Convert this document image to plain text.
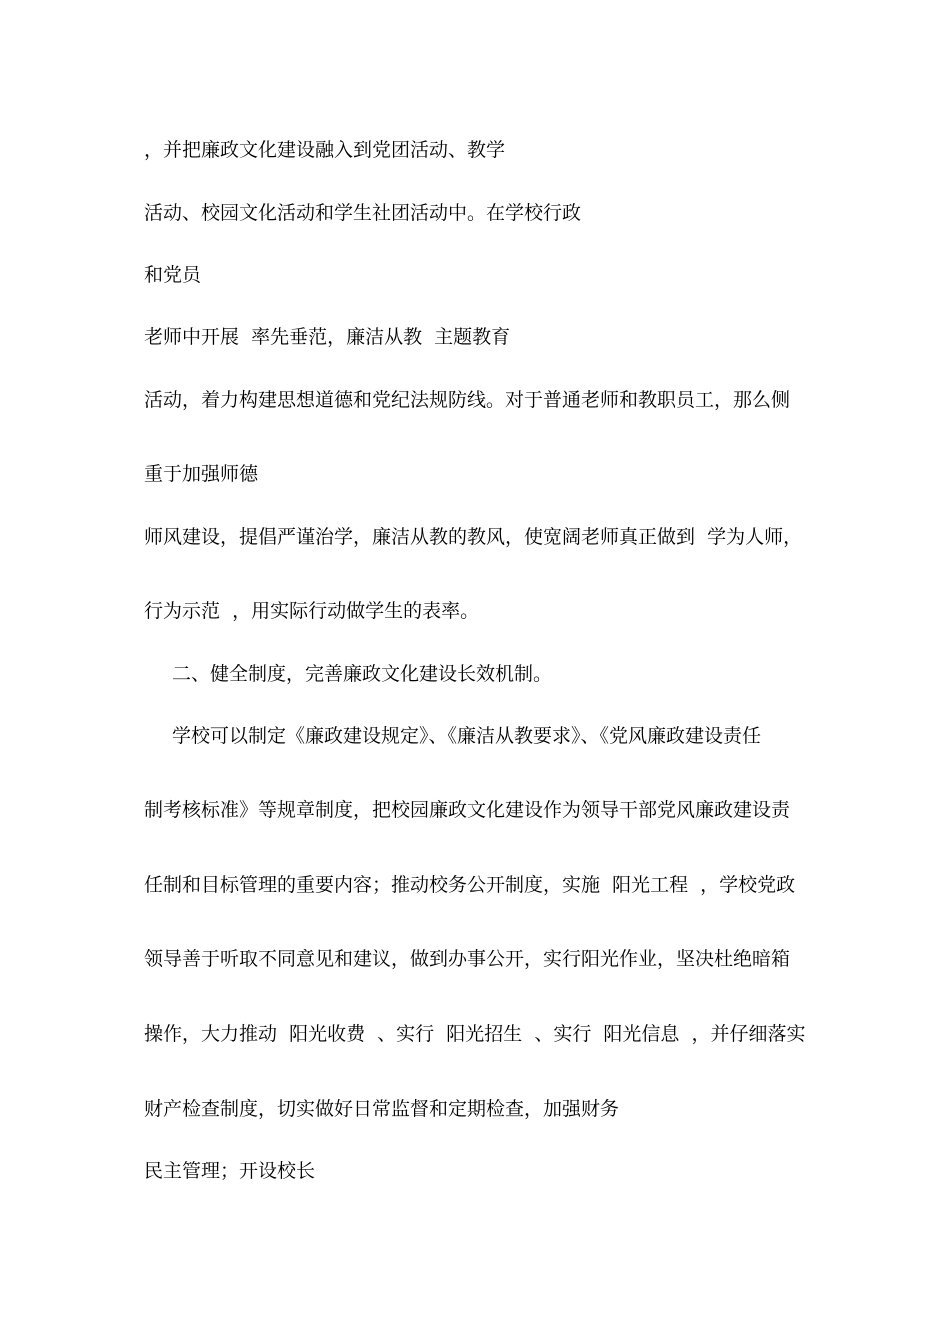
，并把廉政文化建设融入到党团活动、教学
活动、校园文化活动和学生社团活动中。在学校行政
和党员
老师中开展  率先垂范，廉洁从教  主题教育
活动，着力构建思想道德和党纪法规防线。对于普通老师和教职员工，那么侧
重于加强师德
师风建设，提倡严谨治学，廉洁从教的教风，使宽阔老师真正做到  学为人师，
行为示范  ，用实际行动做学生的表率。
二、健全制度，完善廉政文化建设长效机制。
学校可以制定《廉政建设规定》、《廉洁从教要求》、《党风廉政建设责任
制考核标准》等规章制度，把校园廉政文化建设作为领导干部党风廉政建设责
任制和目标管理的重要内容；推动校务公开制度，实施  阳光工程  ，学校党政
领导善于听取不同意见和建议，做到办事公开，实行阳光作业，坚决杜绝暗箱
操作，大力推动  阳光收费  、实行  阳光招生  、实行  阳光信息  ，并仔细落实
财产检查制度，切实做好日常监督和定期检查，加强财务
民主管理；开设校长
